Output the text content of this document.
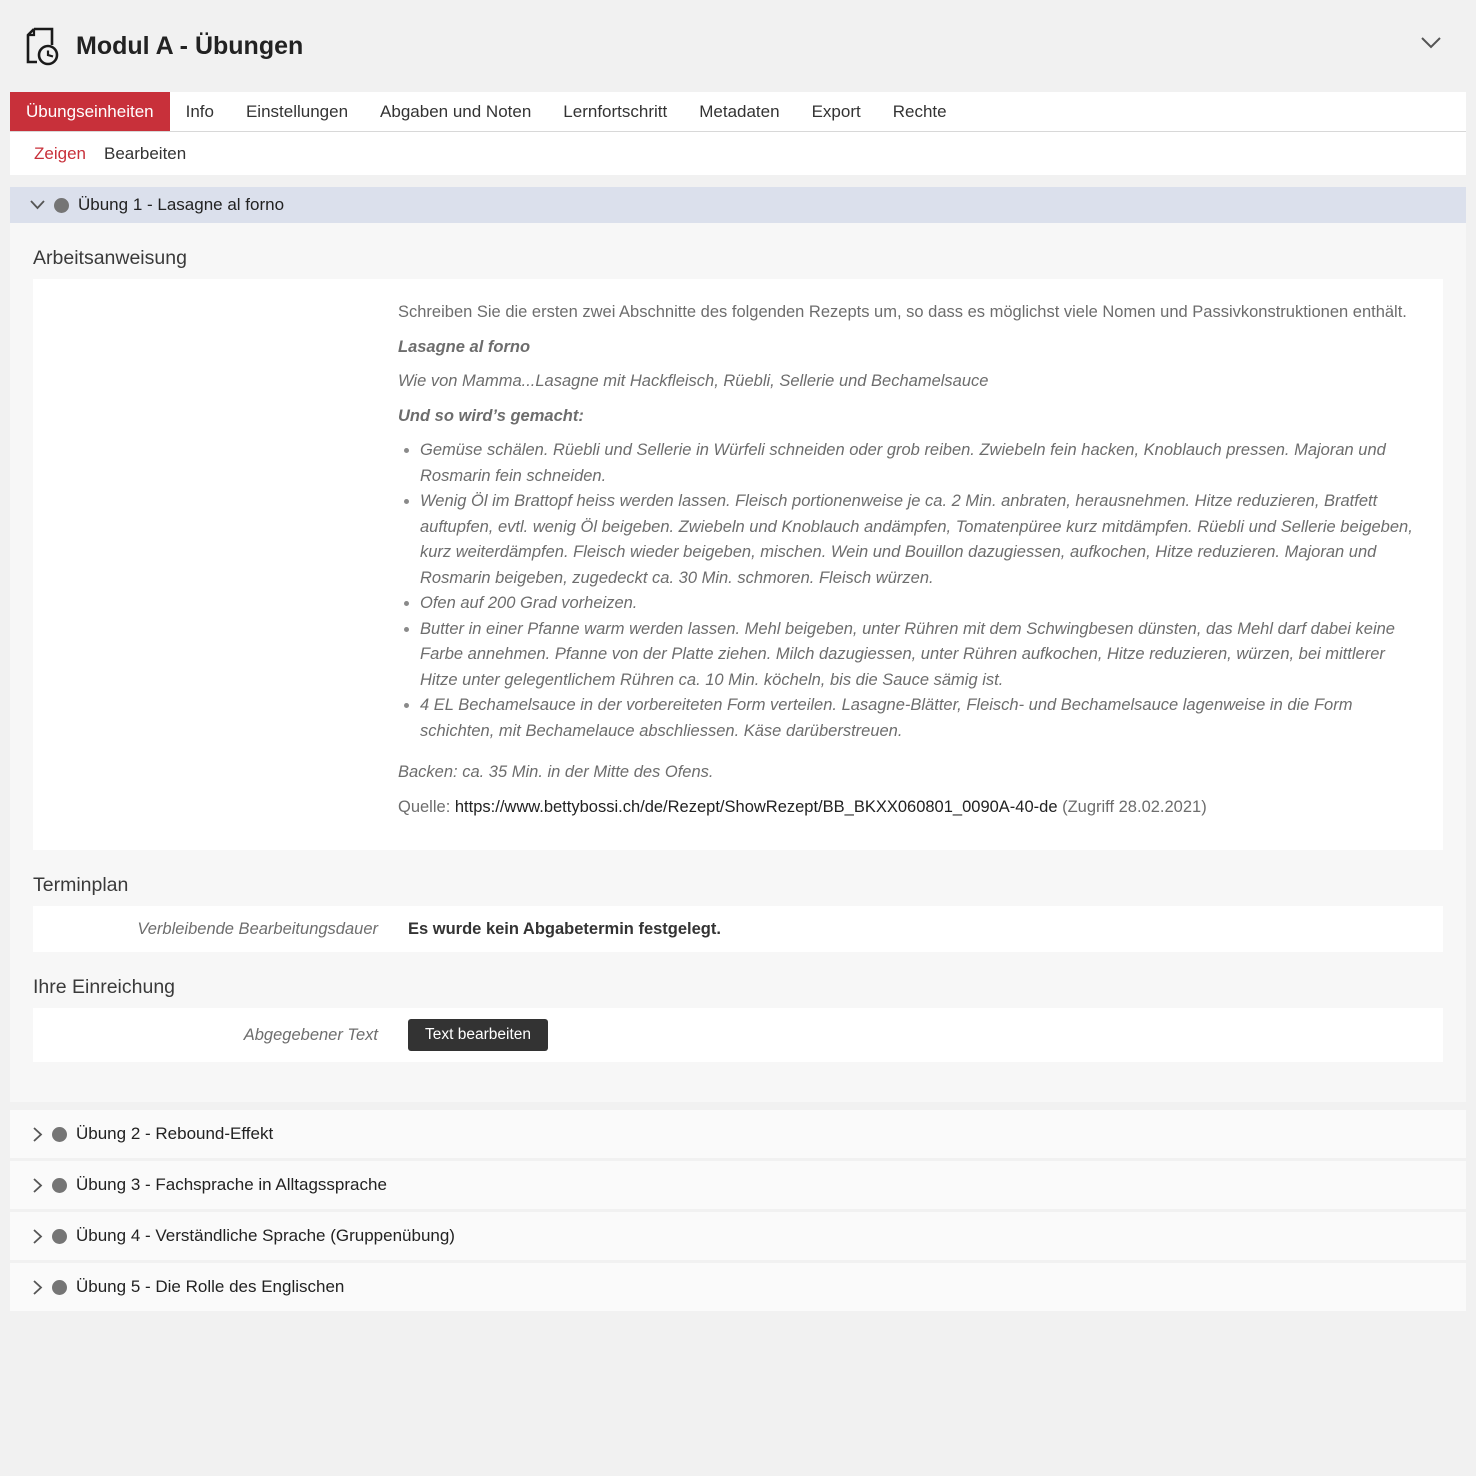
Modul A - Übungen
Übungseinheiten	Info	Einstellungen	Abgaben und Noten	Lernfortschritt	Metadaten	Export	Rechte
Zeigen Bearbeiten
Übung 1 - Lasagne al forno
Arbeitsanweisung

Schreiben Sie die ersten zwei Abschnitte des folgenden Rezepts um, so dass es möglichst viele Nomen und Passivkonstruktionen enthält.

Lasagne al forno

Wie von Mamma...Lasagne mit Hackfleisch, Rüebli, Sellerie und Bechamelsauce

Und so wird’s gemacht:

• Gemüse schälen. Rüebli und Sellerie in Würfeli schneiden oder grob reiben. Zwiebeln fein hacken, Knoblauch pressen. Majoran und Rosmarin fein schneiden.
• Wenig Öl im Brattopf heiss werden lassen. Fleisch portionenweise je ca. 2 Min. anbraten, herausnehmen. Hitze reduzieren, Bratfett auftupfen, evtl. wenig Öl beigeben. Zwiebeln und Knoblauch andämpfen, Tomatenpüree kurz mitdämpfen. Rüebli und Sellerie beigeben, kurz weiterdämpfen. Fleisch wieder beigeben, mischen. Wein und Bouillon dazugiessen, aufkochen, Hitze reduzieren. Majoran und Rosmarin beigeben, zugedeckt ca. 30 Min. schmoren. Fleisch würzen.
• Ofen auf 200 Grad vorheizen.
• Butter in einer Pfanne warm werden lassen. Mehl beigeben, unter Rühren mit dem Schwingbesen dünsten, das Mehl darf dabei keine Farbe annehmen. Pfanne von der Platte ziehen. Milch dazugiessen, unter Rühren aufkochen, Hitze reduzieren, würzen, bei mittlerer Hitze unter gelegentlichem Rühren ca. 10 Min. köcheln, bis die Sauce sämig ist.
• 4 EL Bechamelsauce in der vorbereiteten Form verteilen. Lasagne-Blätter, Fleisch- und Bechamelsauce lagenweise in die Form schichten, mit Bechamelauce abschliessen. Käse darüberstreuen.

Backen: ca. 35 Min. in der Mitte des Ofens.

Quelle: https://www.bettybossi.ch/de/Rezept/ShowRezept/BB_BKXX060801_0090A-40-de (Zugriff 28.02.2021)

Terminplan
Verbleibende Bearbeitungsdauer Es wurde kein Abgabetermin festgelegt.
Ihre Einreichung
Abgegebener Text	Text bearbeiten
Übung 2 - Rebound-Effekt
Übung 3 - Fachsprache in Alltagssprache
Übung 4 - Verständliche Sprache (Gruppenübung)
Übung 5 - Die Rolle des Englischen
